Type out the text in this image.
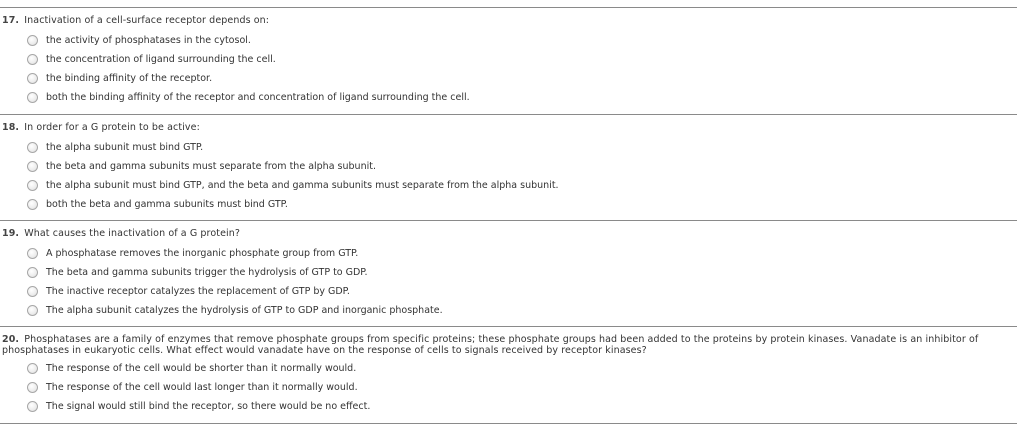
17. Inactivation of a cell-surface receptor depends on:
the activity of phosphatases in the cytosol.
the concentration of ligand surrounding the cell.
the binding affinity of the receptor.
both the binding affinity of the receptor and concentration of ligand surrounding the cell.
18. In order for a G protein to be active:
the alpha subunit must bind GTP.
the beta and gamma subunits must separate from the alpha subunit.
the alpha subunit must bind GTP, and the beta and gamma subunits must separate from the alpha subunit.
both the beta and gamma subunits must bind GTP.
19. What causes the inactivation of a G protein?
A phosphatase removes the inorganic phosphate group from GTP.
The beta and gamma subunits trigger the hydrolysis of GTP to GDP.
The inactive receptor catalyzes the replacement of GTP by GDP.
The alpha subunit catalyzes the hydrolysis of GTP to GDP and inorganic phosphate.
20. Phosphatases are a family of enzymes that remove phosphate groups from specific proteins; these phosphate groups had been added to the proteins by protein kinases. Vanadate is an inhibitor of phosphatases in eukaryotic cells. What effect would vanadate have on the response of cells to signals received by receptor kinases?
The response of the cell would be shorter than it normally would.
The response of the cell would last longer than it normally would.
The signal would still bind the receptor, so there would be no effect.
